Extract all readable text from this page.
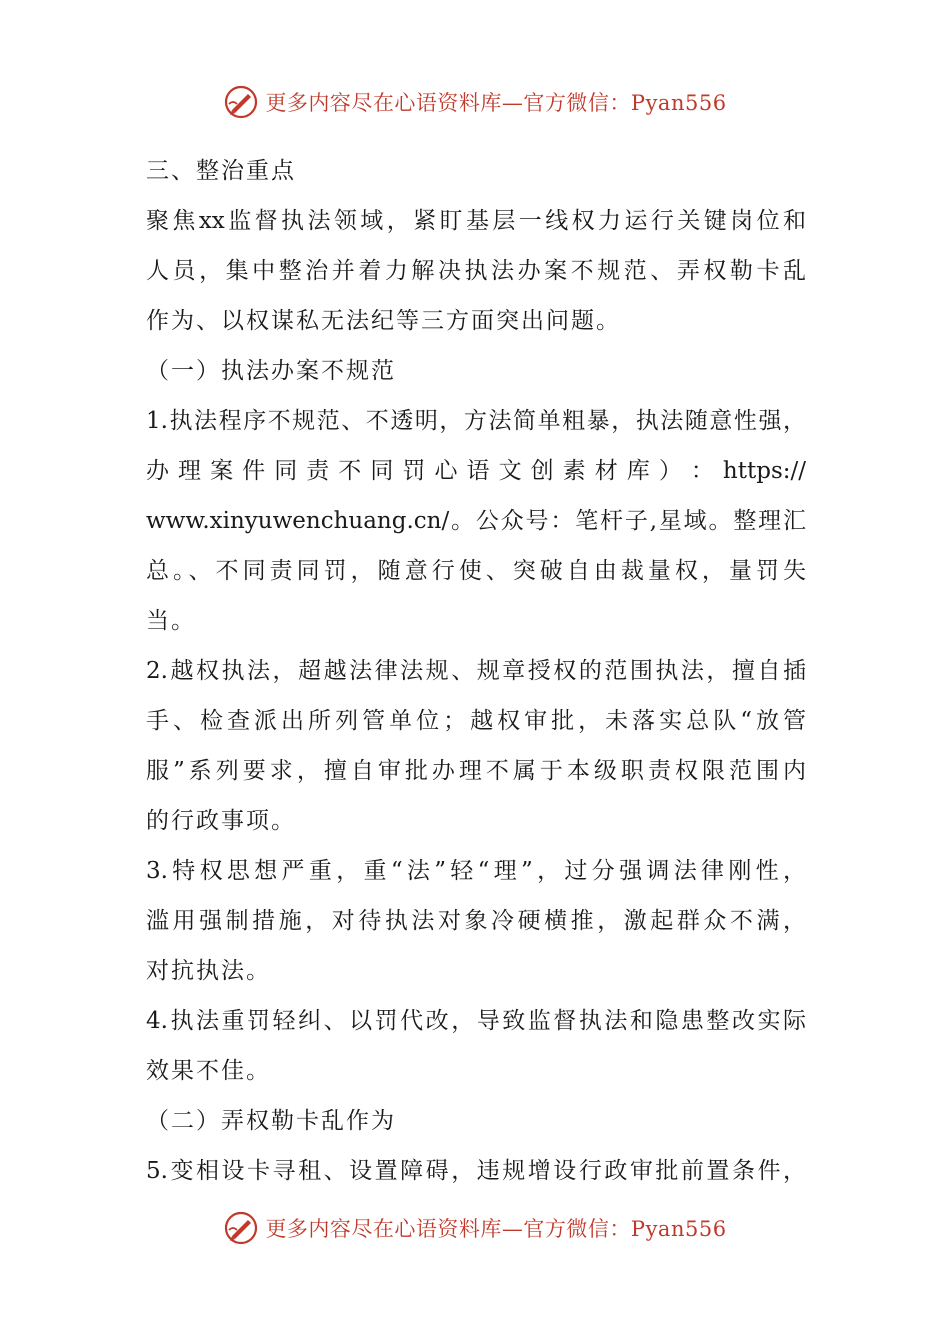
更多内容尽在心语资料库—官方微信：Pyan556
三、整治重点
聚焦xx监督执法领域，紧盯基层一线权力运行关键岗位和
人员，集中整治并着力解决执法办案不规范、弄权勒卡乱
作为、以权谋私无法纪等三方面突出问题。
（一）执法办案不规范
1.执法程序不规范、不透明，方法简单粗暴，执法随意性强，
办 理 案 件 同 责 不 同 罚 心 语 文 创 素 材 库 ） ： https://
www.xinyuwenchuang.cn/。公众号：笔杆子,星域。整理汇
总。、不同责同罚，随意行使、突破自由裁量权，量罚失
当。
2.越权执法，超越法律法规、规章授权的范围执法，擅自插
手、检查派出所列管单位；越权审批，未落实总队“放管
服”系列要求，擅自审批办理不属于本级职责权限范围内
的行政事项。
3.特权思想严重，重“法”轻“理”，过分强调法律刚性，
滥用强制措施，对待执法对象冷硬横推，激起群众不满，
对抗执法。
4.执法重罚轻纠、以罚代改，导致监督执法和隐患整改实际
效果不佳。
（二）弄权勒卡乱作为
5.变相设卡寻租、设置障碍，违规增设行政审批前置条件，
更多内容尽在心语资料库—官方微信：Pyan556
